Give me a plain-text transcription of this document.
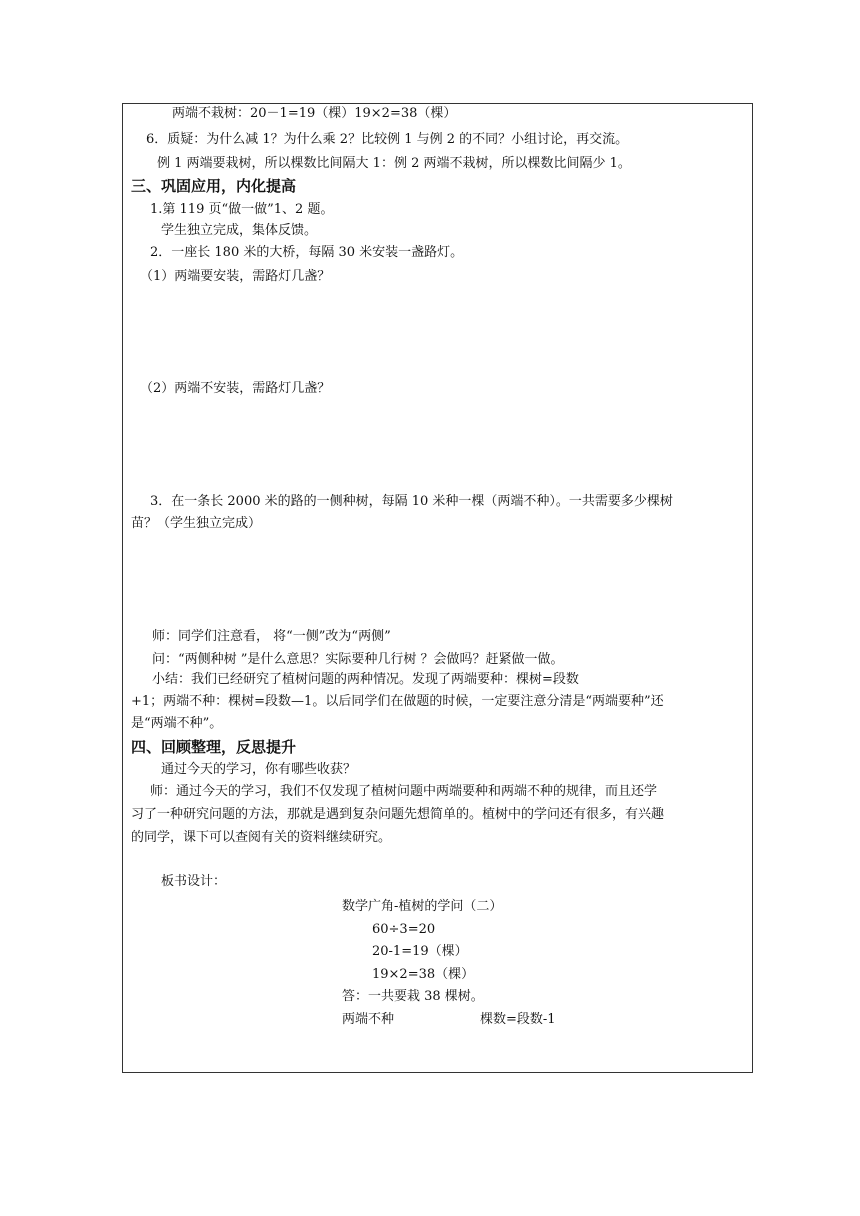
两端不栽树：20－1=19（棵）19×2=38（棵）
6．质疑：为什么减 1？为什么乘 2？比较例 1 与例 2 的不同？小组讨论，再交流。
例 1 两端要栽树，所以棵数比间隔大 1：例 2 两端不栽树，所以棵数比间隔少 1。
三、巩固应用，内化提高
1.第 119 页“做一做”1、2 题。
学生独立完成，集体反馈。
2．一座长 180 米的大桥，每隔 30 米安装一盏路灯。
（1）两端要安装，需路灯几盏？
（2）两端不安装，需路灯几盏？
3．在一条长 2000 米的路的一侧种树，每隔 10 米种一棵（两端不种）。一共需要多少棵树
苗？（学生独立完成）
师：同学们注意看， 将“一侧”改为“两侧”
问：“两侧种树 ”是什么意思？实际要种几行树 ？会做吗？赶紧做一做。
小结：我们已经研究了植树问题的两种情况。发现了两端要种：棵树=段数
+1；两端不种：棵树=段数—1。以后同学们在做题的时候，一定要注意分清是“两端要种”还
是“两端不种”。
四、回顾整理，反思提升
通过今天的学习，你有哪些收获？
师：通过今天的学习，我们不仅发现了植树问题中两端要种和两端不种的规律，而且还学
习了一种研究问题的方法，那就是遇到复杂问题先想简单的。植树中的学问还有很多，有兴趣
的同学，课下可以查阅有关的资料继续研究。
板书设计：
数学广角-植树的学问（二）
60÷3=20
20-1=19（棵）
19×2=38（棵）
答：一共要栽 38 棵树。
两端不种	棵数=段数-1
